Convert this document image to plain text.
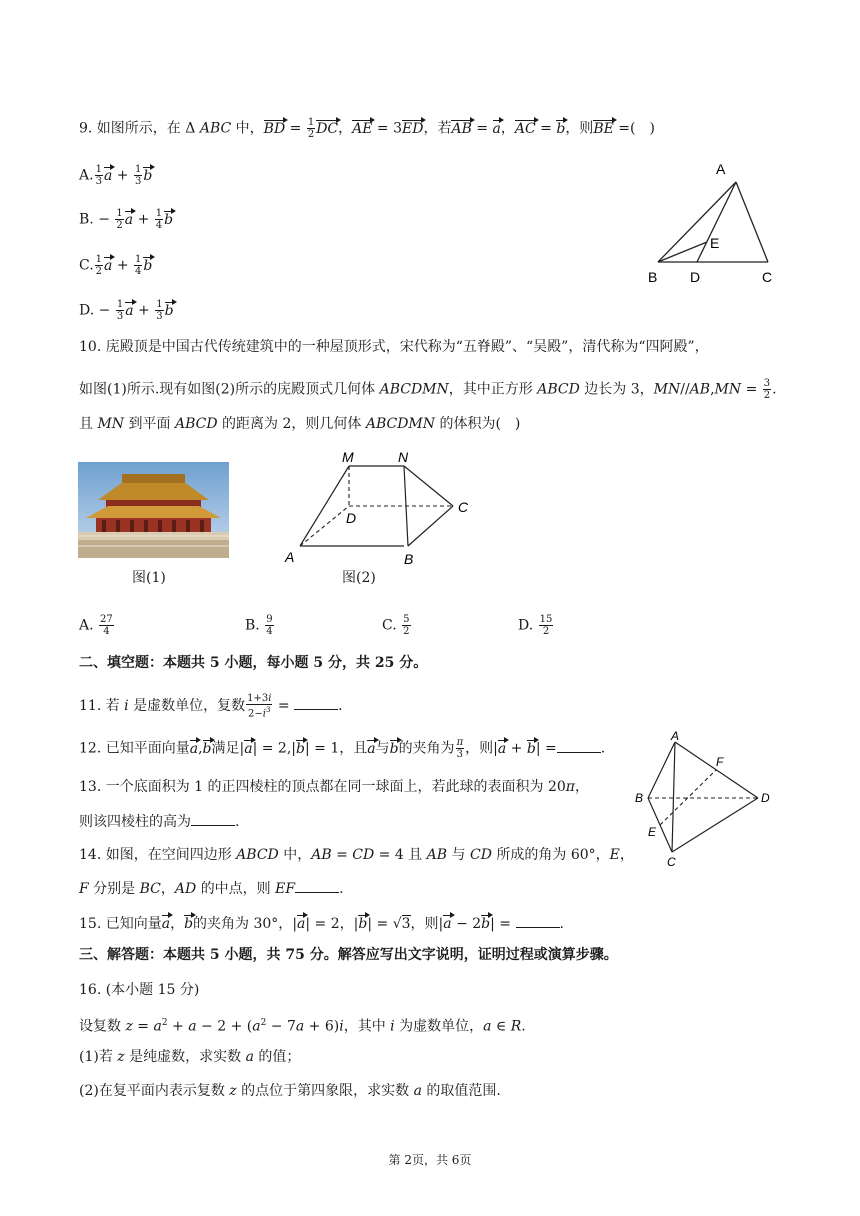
9. 如图所示，在 Δ ABC 中，BD = $\frac{1}{2}$ DC，AE = 3ED，若AB = a，AC = b，则BE =(　)
A. $\frac{1}{3}$ $a + \frac{1}{3}$ b
B. − $\frac{1}{2}$ $a + \frac{1}{4}$ b
C. $\frac{1}{2}$ $a + \frac{1}{4}$ b
D. − $\frac{1}{3}$ $a + \frac{1}{3}$ b
A
B D	C
E
10. 庑殿顶是中国古代传统建筑中的一种屋顶形式，宋代称为“五脊殿”、“吴殿”，清代称为“四阿殿”，
如图(1)所示.现有如图(2)所示的庑殿顶式几何体 ABCDMN，其中正方形 ABCD 边长为 3，$MN//AB,MN = \frac{3}{2}$ .
且 MN 到平面 ABCD 的距离为 2，则几何体 ABCDMN 的体积为(　)
图(1)
M	N
D
C
A	B
图(2)
A. $\frac{27}{4}$	B. $\frac{9}{4}$	C. $\frac{5}{2}$	D. $\frac{15}{2}$
二、填空题：本题共 5 小题，每小题 5 分，共 25 分。
11. 若 i 是虚数单位，复数 $\frac{1+3i}{2-i^3}$ =	.
12. 已知平面向量a,b满足|a| = 2,|b| = 1，且a与b的夹角为 $\frac{\pi}{3}$ ，则|a + b| =	.
13. 一个底面积为 1 的正四棱柱的顶点都在同一球面上，若此球的表面积为 20π，
则该四棱柱的高为	.
14. 如图，在空间四边形 ABCD 中，AB = CD = 4 且 AB 与 CD 所成的角为 60°，E，
F 分别是 BC，AD 的中点，则 EF	.
A
F
B	D
E
C
15. 已知向量a，b的夹角为 30°，|a| = 2，|b| = √3，则|a − 2b| =	.
三、解答题：本题共 5 小题，共 75 分。解答应写出文字说明，证明过程或演算步骤。
16. (本小题 15 分)
设复数 $z = a^2 + a - 2 + (a^2 - 7a + 6)i$，其中 i 为虚数单位，a ∈ R.
(1)若 z 是纯虚数，求实数 a 的值；
(2)在复平面内表示复数 z 的点位于第四象限，求实数 a 的取值范围.
第 2页，共 6页
